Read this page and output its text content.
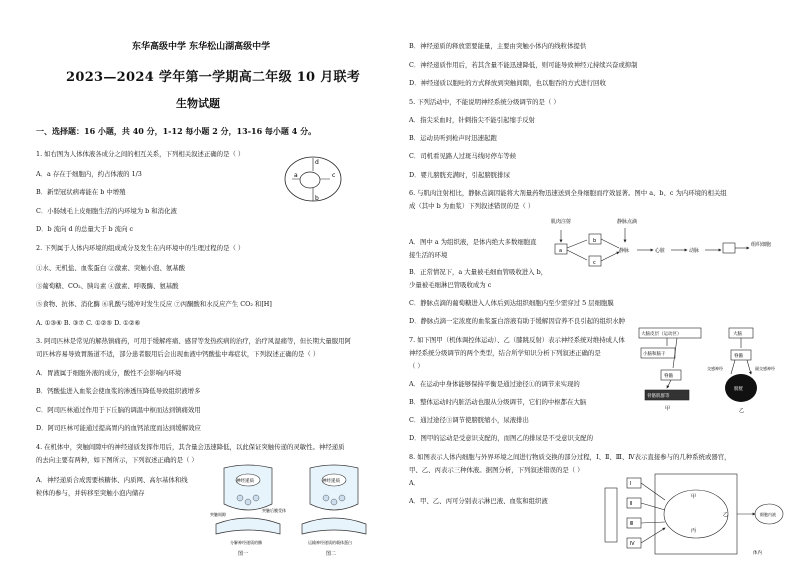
东华高级中学 东华松山湖高级中学
2023—2024 学年第一学期高二年级 10 月联考
生物试题
一、选择题：16 小题，共 40 分，1-12 每小题 2 分，13-16 每小题 4 分。
1. 如右图为人体体液各成分之间的相互关系，下列相关叙述正确的是（ ）
A．a 存在于细胞内，约占体液的 1/3
B．新型冠状病毒能在 b 中增殖
C．小肠绒毛上皮细胞生活的内环境为 b 和消化液
D．b 流向 d 的总量大于 b 流向 c
a	c
d
b
2. 下列属于人体内环境的组成成分及发生在内环境中的生理过程的是（ ）
①水、无机盐、血浆蛋白 ②激素、突触小泡、氨基酸
③葡萄糖、CO₂、胰岛素 ④激素、呼吸酶、氨基酸
⑤食物、抗体、消化酶 ⑥乳酸与缓冲对发生反应 ⑦丙酮酸和水反应产生 CO₂ 和[H]
A. ①③⑥ B. ③⑦ C. ①②⑤ D. ①②⑥
3. 阿司匹林是常见的解热镇痛药，可用于缓解疼痛、感冒等发热疾病的治疗，治疗风湿痛等，但长期大量服用阿
司匹林容易导致胃肠道不适，部分患者服用后会出现血液中钙酸盐中毒症状，下列叙述正确的是（ ）
A．胃液属于细胞外液的成分，酸性不会影响内环境
B．钙酸盐进入血浆会使血浆的渗透压降低导致组织液增多
C．阿司匹林通过作用于下丘脑的调温中枢而达到镇痛效用
D．阿司匹林可能通过提高胃内的血钙浓度而达到缓解效应
4. 在机体中，突触间隙中的神经递质发挥作用后，其含量会迅速降低，以此保证突触传递的灵敏性。神经递质
的去向主要有两种，如下图所示，下列叙述正确的是（ ）
A．神经递质合成需要核糖体、内质网、高尔基体和线
粒体的参与，并转移至突触小泡内储存
神经递质
突触间隙
突触后膜受体
分解神经递质的酶
图一
神经递质
运输神经递质的载体蛋白
图二
B．神经递质的释放需要能量，主要由突触小体内的线粒体提供
C．神经递质作用后，若其含量不能迅速降低，则可能导致神经元持续兴奋或抑制
D．神经递质以胞吐的方式释放到突触间隙，也以胞吞的方式进行回收
5. 下列活动中，不能说明神经系统分级调节的是（ ）
A．指尖采血时，针刺指尖不能引起缩手反射
B．运动员听到枪声时迅速起跑
C．司机看见路人过斑马线时停车等候
D．婴儿膀胱充满时，引起膀胱排尿
6. 与肌肉注射相比，静脉点滴因能将大剂量药物迅速送到全身细胞而疗效显著。图中 a、b、c 为内环境的相关组
成（其中 b 为血浆）下列叙述错误的是（ ）
A．图中 a 为组织液，是体内绝大多数细胞直
接生活的环境
B．正常情况下，a 大量被毛细血管吸收进入 b，
少量被毛细淋巴管吸收成为 c
C．静脉点滴的葡萄糖进入人体后到达组织细胞内至少需穿过 5 层细胞膜
D．静脉点滴一定浓度的血浆蛋白溶液有助于缓解因营养不良引起的组织水肿
肌肉注射
a
b
c
静脉点滴
静脉	心脏	动脉
组织细胞
7. 如下图甲（机体调控体运动）、乙（膝跳反射）表示神经系统对维持成人体
神经系统分级调节的两个类型，结合所学知识分析下列叙述正确的是
（ ）
A．在运动中身体能够保持平衡是通过途径①的调节来实现的
B．整体运动时内脏活动也服从分级调节，它们的中枢都在大脑
C．通过途径③调节使膀胱缩小，尿液排出
D．图甲的运动是受意识支配的，而图乙的排尿是不受意识支配的
大脑皮层（运动区）
小脑和脑干
脊髓
骨骼肌群等
甲
大脑
脊髓
膀胱
交感神经	副交感神经
乙
8. 如图表示人体内细胞与外界环境之间进行物质交换的部分过程，Ⅰ、Ⅱ、Ⅲ、Ⅳ表示直接参与的几种系统或器官，
甲、乙、丙表示三种体液。据图分析，下列叙述错误的是（ ）
A．
A．甲、乙、丙可分别表示淋巴液、血浆和组织液
Ⅰ
Ⅱ
Ⅲ
Ⅳ
甲
乙
丙
细胞内液
体内
